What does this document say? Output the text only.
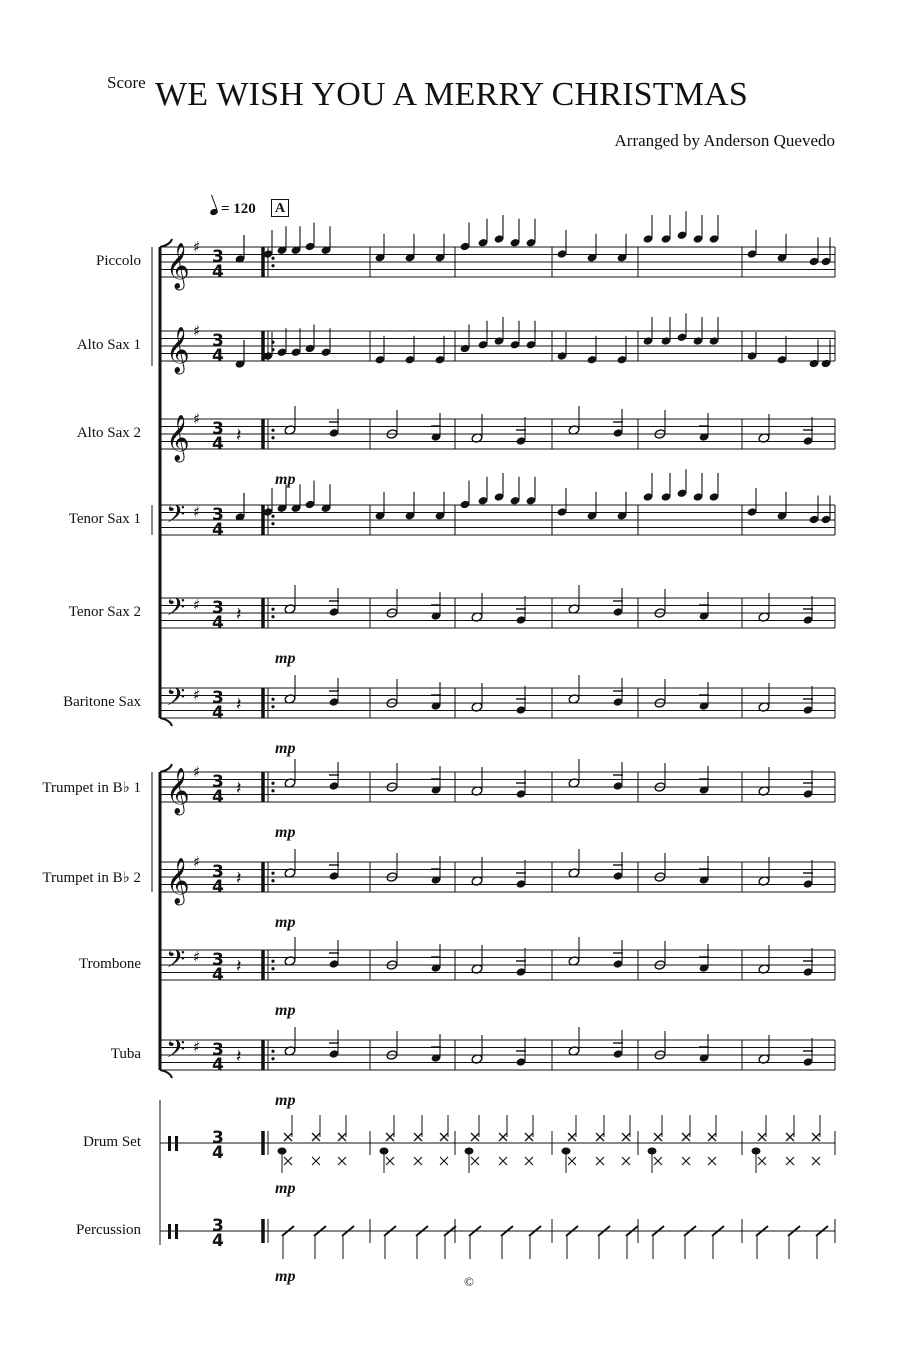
Score WE WISH YOU A MERRY CHRISTMAS
Arranged by Anderson Quevedo
= 120 A
𝄞 ♯ 3
4
𝄞 ♯ 3
4
𝄞 ♯ 3
4 𝄽
𝄢 ♯ 3
4
𝄢 ♯ 3
4 𝄽
𝄢 ♯ 3
4 𝄽
𝄞 ♯ 3
4 𝄽
𝄞 ♯ 3
4 𝄽
𝄢 ♯ 3
4 𝄽
𝄢 ♯ 3
4 𝄽
3
4
3
4
©
Piccolo
Alto Sax 1
Alto Sax 2
mp
Tenor Sax 1
Tenor Sax 2
mp
Baritone Sax
mp
Trumpet in B♭ 1
mp
Trumpet in B♭ 2
mp
Trombone
mp
Tuba
mp
Drum Set
mp
Percussion
mp
